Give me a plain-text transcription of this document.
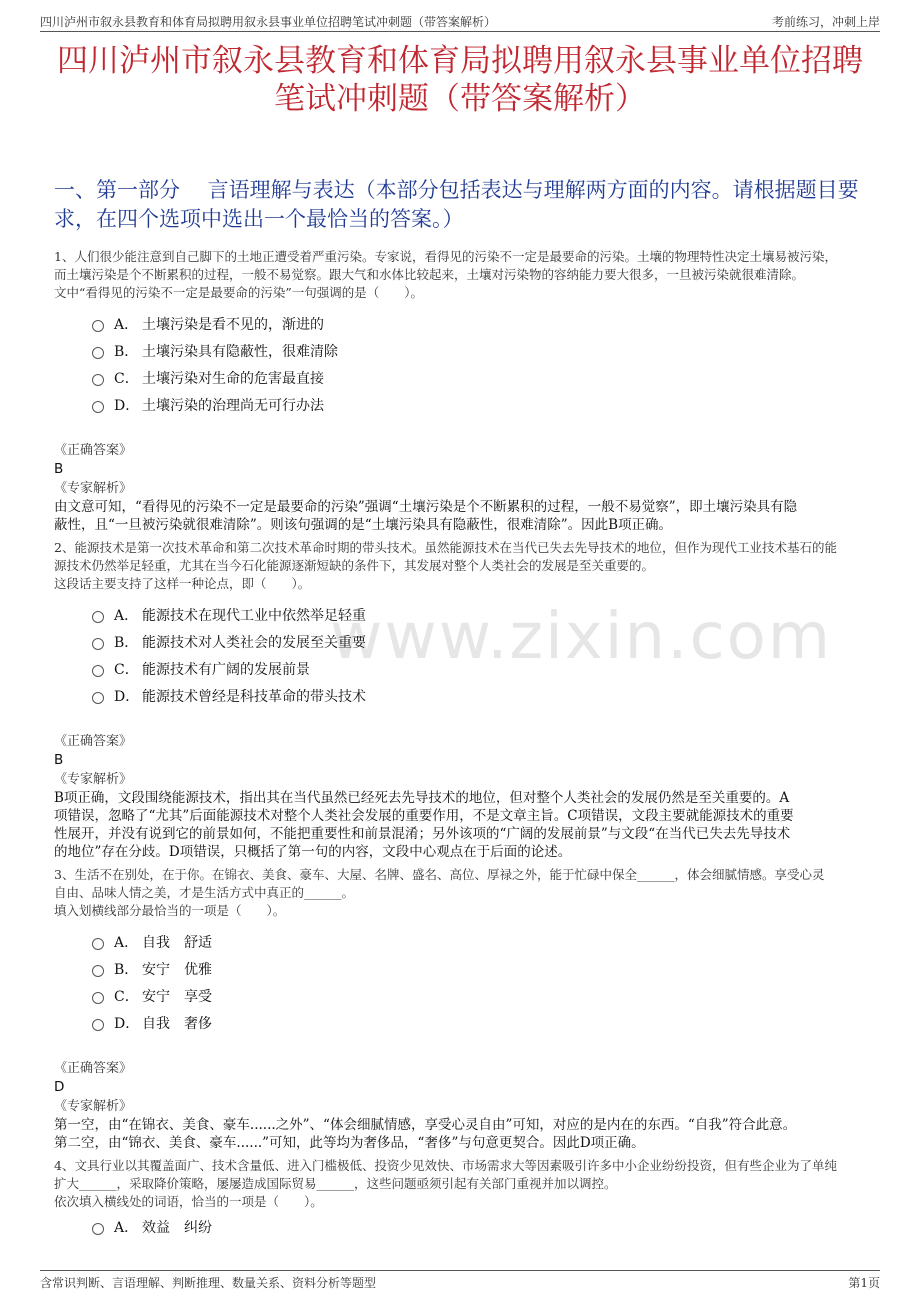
四川泸州市叙永县教育和体育局拟聘用叙永县事业单位招聘笔试冲刺题（带答案解析）	考前练习，冲刺上岸
四川泸州市叙永县教育和体育局拟聘用叙永县事业单位招聘笔试冲刺题（带答案解析）
一、第一部分　 言语理解与表达（本部分包括表达与理解两方面的内容。请根据题目要求，在四个选项中选出一个最恰当的答案。）
www.zixin.com

1、人们很少能注意到自己脚下的土地正遭受着严重污染。专家说，看得见的污染不一定是最要命的污染。土壤的物理特性决定土壤易被污染，

而土壤污染是个不断累积的过程，一般不易觉察。跟大气和水体比较起来，土壤对污染物的容纳能力要大很多，一旦被污染就很难清除。

文中“看得见的污染不一定是最要命的污染”一句强调的是（　　）。

A． 土壤污染是看不见的，渐进的
B． 土壤污染具有隐蔽性，很难清除
C． 土壤污染对生命的危害最直接
D． 土壤污染的治理尚无可行办法
《正确答案》
B
《专家解析》

由文意可知，“看得见的污染不一定是最要命的污染”强调“土壤污染是个不断累积的过程，一般不易觉察”，即土壤污染具有隐

蔽性，且“一旦被污染就很难清除”。则该句强调的是“土壤污染具有隐蔽性，很难清除”。因此B项正确。

2、能源技术是第一次技术革命和第二次技术革命时期的带头技术。虽然能源技术在当代已失去先导技术的地位，但作为现代工业技术基石的能

源技术仍然举足轻重，尤其在当今石化能源逐渐短缺的条件下，其发展对整个人类社会的发展是至关重要的。

这段话主要支持了这样一种论点，即（　　）。

A． 能源技术在现代工业中依然举足轻重
B． 能源技术对人类社会的发展至关重要
C． 能源技术有广阔的发展前景
D． 能源技术曾经是科技革命的带头技术
《正确答案》
B
《专家解析》

B项正确，文段围绕能源技术，指出其在当代虽然已经死去先导技术的地位，但对整个人类社会的发展仍然是至关重要的。A

项错误，忽略了“尤其”后面能源技术对整个人类社会发展的重要作用，不是文章主旨。C项错误，文段主要就能源技术的重要

性展开，并没有说到它的前景如何，不能把重要性和前景混淆；另外该项的“广阔的发展前景”与文段“在当代已失去先导技术

的地位”存在分歧。D项错误，只概括了第一句的内容，文段中心观点在于后面的论述。

3、生活不在别处，在于你。在锦衣、美食、豪车、大屋、名牌、盛名、高位、厚禄之外，能于忙碌中保全______，体会细腻情感。享受心灵

自由、品味人情之美，才是生活方式中真正的______。

填入划横线部分最恰当的一项是（　　）。

A． 自我　舒适
B． 安宁　优雅
C． 安宁　享受
D． 自我　奢侈
《正确答案》
D
《专家解析》

第一空，由“在锦衣、美食、豪车......之外”、“体会细腻情感，享受心灵自由”可知，对应的是内在的东西。“自我”符合此意。

第二空，由“锦衣、美食、豪车......”可知，此等均为奢侈品，“奢侈”与句意更契合。因此D项正确。

4、文具行业以其覆盖面广、技术含量低、进入门槛极低、投资少见效快、市场需求大等因素吸引许多中小企业纷纷投资，但有些企业为了单纯

扩大______，采取降价策略，屡屡造成国际贸易______，这些问题亟须引起有关部门重视并加以调控。

依次填入横线处的词语，恰当的一项是（　　）。

A． 效益　纠纷
含常识判断、言语理解、判断推理、数量关系、资料分析等题型	第1页
